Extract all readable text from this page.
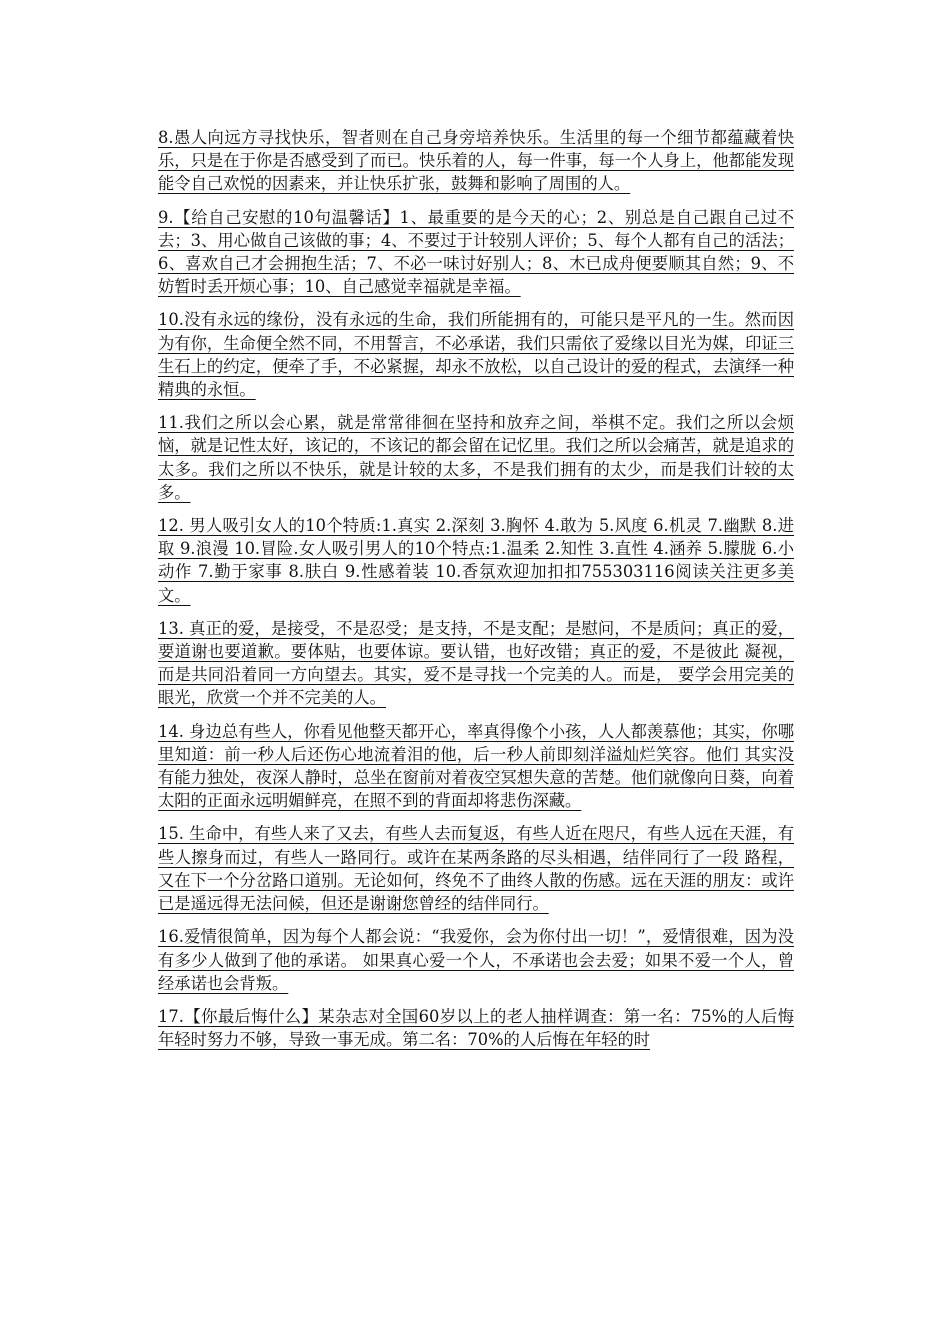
8.愚人向远方寻找快乐，智者则在自己身旁培养快乐。生活里的每一个细节都蕴藏着快乐，只是在于你是否感受到了而已。快乐着的人，每一件事，每一个人身上，他都能发现能令自己欢悦的因素来，并让快乐扩张，鼓舞和影响了周围的人。

9.【给自己安慰的10句温馨话】1、最重要的是今天的心；2、别总是自己跟自己过不去；3、用心做自己该做的事；4、不要过于计较别人评价；5、每个人都有自己的活法；6、喜欢自己才会拥抱生活；7、不必一味讨好别人；8、木已成舟便要顺其自然；9、不妨暂时丢开烦心事；10、自己感觉幸福就是幸福。

10.没有永远的缘份，没有永远的生命，我们所能拥有的，可能只是平凡的一生。然而因为有你，生命便全然不同，不用誓言，不必承诺，我们只需依了爱缘以目光为媒，印证三生石上的约定，便牵了手，不必紧握，却永不放松，以自己设计的爱的程式，去演绎一种精典的永恒。

11.我们之所以会心累，就是常常徘徊在坚持和放弃之间，举棋不定。我们之所以会烦恼，就是记性太好，该记的，不该记的都会留在记忆里。我们之所以会痛苦，就是追求的太多。我们之所以不快乐，就是计较的太多，不是我们拥有的太少，而是我们计较的太多。

12. 男人吸引女人的10个特质:1.真实 2.深刻 3.胸怀 4.敢为 5.风度 6.机灵 7.幽默 8.进取 9.浪漫 10.冒险.女人吸引男人的10个特点:1.温柔 2.知性 3.直性 4.涵养 5.朦胧 6.小动作 7.勤于家事 8.肤白 9.性感着装 10.香氛欢迎加扣扣755303116阅读关注更多美文。

13. 真正的爱，是接受，不是忍受；是支持，不是支配；是慰问，不是质问；真正的爱，要道谢也要道歉。要体贴，也要体谅。要认错，也好改错；真正的爱，不是彼此 凝视，而是共同沿着同一方向望去。其实，爱不是寻找一个完美的人。而是， 要学会用完美的眼光，欣赏一个并不完美的人。

14. 身边总有些人，你看见他整天都开心，率真得像个小孩，人人都羡慕他；其实，你哪里知道：前一秒人后还伤心地流着泪的他，后一秒人前即刻洋溢灿烂笑容。他们 其实没有能力独处，夜深人静时，总坐在窗前对着夜空冥想失意的苦楚。他们就像向日葵，向着太阳的正面永远明媚鲜亮，在照不到的背面却将悲伤深藏。

15. 生命中，有些人来了又去，有些人去而复返，有些人近在咫尺，有些人远在天涯，有些人擦身而过，有些人一路同行。或许在某两条路的尽头相遇，结伴同行了一段 路程，又在下一个分岔路口道别。无论如何，终免不了曲终人散的伤感。远在天涯的朋友：或许已是遥远得无法问候，但还是谢谢您曾经的结伴同行。

16.爱情很简单，因为每个人都会说：“我爱你，会为你付出一切！”，爱情很难，因为没有多少人做到了他的承诺。 如果真心爱一个人，不承诺也会去爱；如果不爱一个人，曾经承诺也会背叛。

17.【你最后悔什么】某杂志对全国60岁以上的老人抽样调查：第一名：75%的人后悔年轻时努力不够，导致一事无成。第二名：70%的人后悔在年轻的时
